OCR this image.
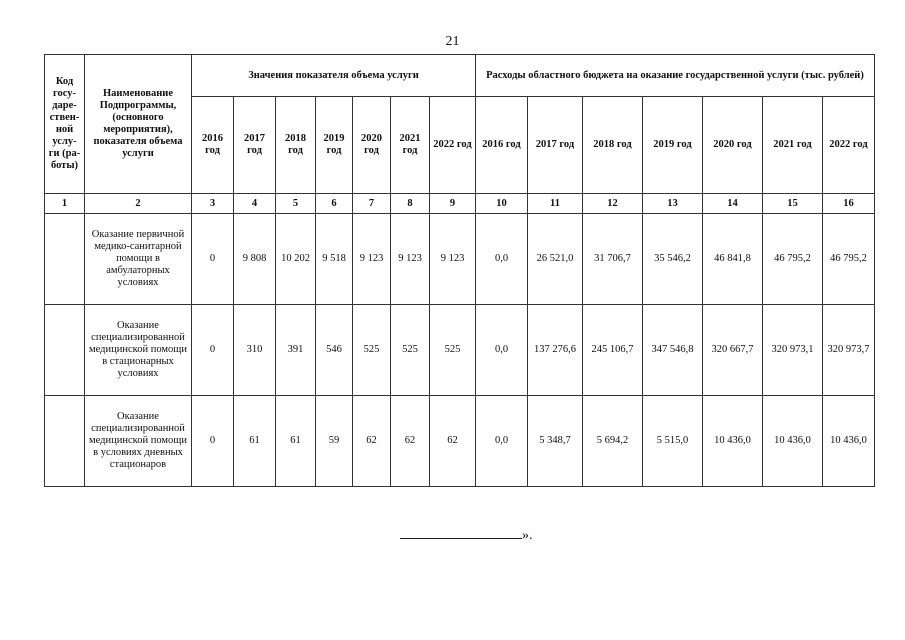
21
Код госу-даре-ствен-ной услу-ги (ра-боты)	Наименование Подпрограммы, (основного мероприятия), показателя объема услуги	Значения показателя объема услуги							Расходы областного бюджета на оказание государственной услуги (тыс. рублей)						
		2016 год	2017 год	2018 год	2019 год	2020 год	2021 год	2022 год	2016 год	2017 год	2018 год	2019 год	2020 год	2021 год	2022 год
1	2	3	4	5	6	7	8	9	10	11	12	13	14	15	16
	Оказание первичной медико-санитарной помощи в амбулаторных условиях	0	9 808	10 202	9 518	9 123	9 123	9 123	0,0	26 521,0	31 706,7	35 546,2	46 841,8	46 795,2	46 795,2
	Оказание специализированной медицинской помощи в стационарных условиях	0	310	391	546	525	525	525	0,0	137 276,6	245 106,7	347 546,8	320 667,7	320 973,1	320 973,7
	Оказание специализированной медицинской помощи в условиях дневных стационаров	0	61	61	59	62	62	62	0,0	5 348,7	5 694,2	5 515,0	10 436,0	10 436,0	10 436,0
».
